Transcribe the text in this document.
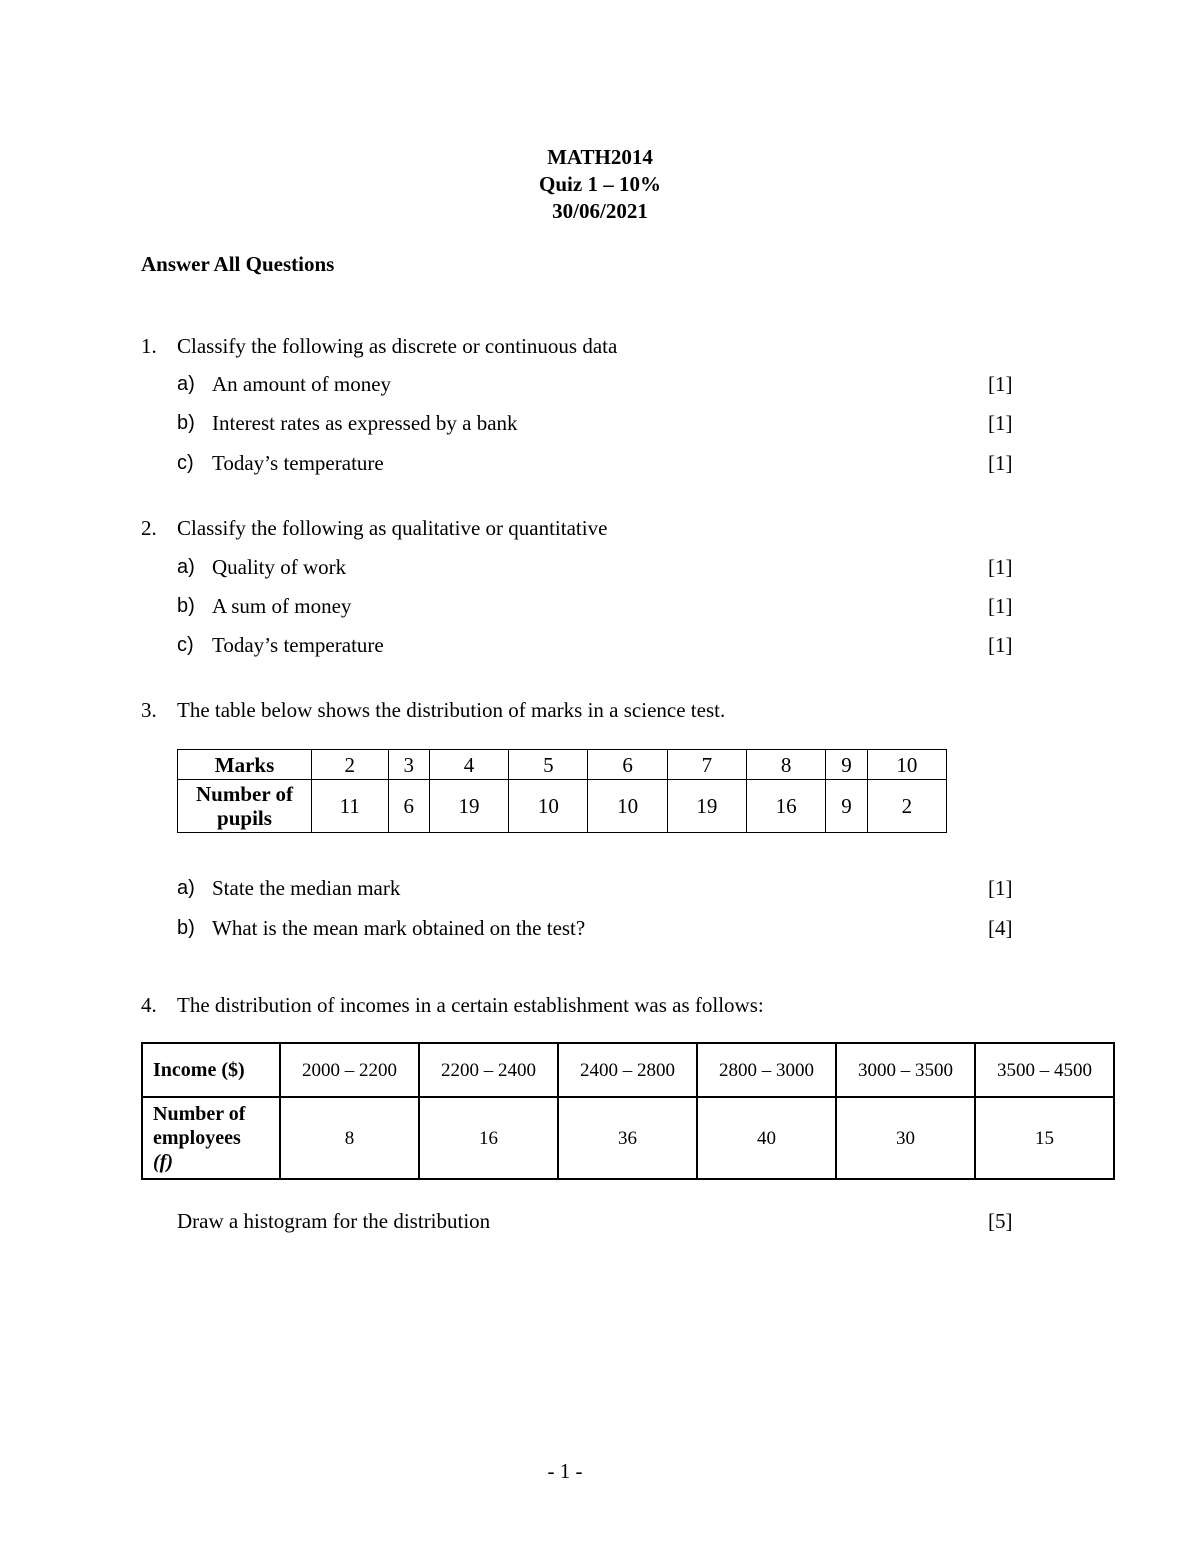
MATH2014
Quiz 1 – 10%
30/06/2021
Answer All Questions
1. Classify the following as discrete or continuous data
a) An amount of money	[1]
b) Interest rates as expressed by a bank	[1]
c) Today’s temperature	[1]
2. Classify the following as qualitative or quantitative
a) Quality of work	[1]
b) A sum of money	[1]
c) Today’s temperature	[1]
3. The table below shows the distribution of marks in a science test.
Marks	2	3	4	5	6	7	8	9	10
Number of
pupils	11	6	19	10	10	19	16	9	2
a) State the median mark	[1]
b) What is the mean mark obtained on the test?	[4]
4. The distribution of incomes in a certain establishment was as follows:
Income ($)	2000 – 2200	2200 – 2400	2400 – 2800	2800 – 3000	3000 – 3500	3500 – 4500
Number of
employees
(f)	8	16	36	40	30	15
Draw a histogram for the distribution	[5]
- 1 -
